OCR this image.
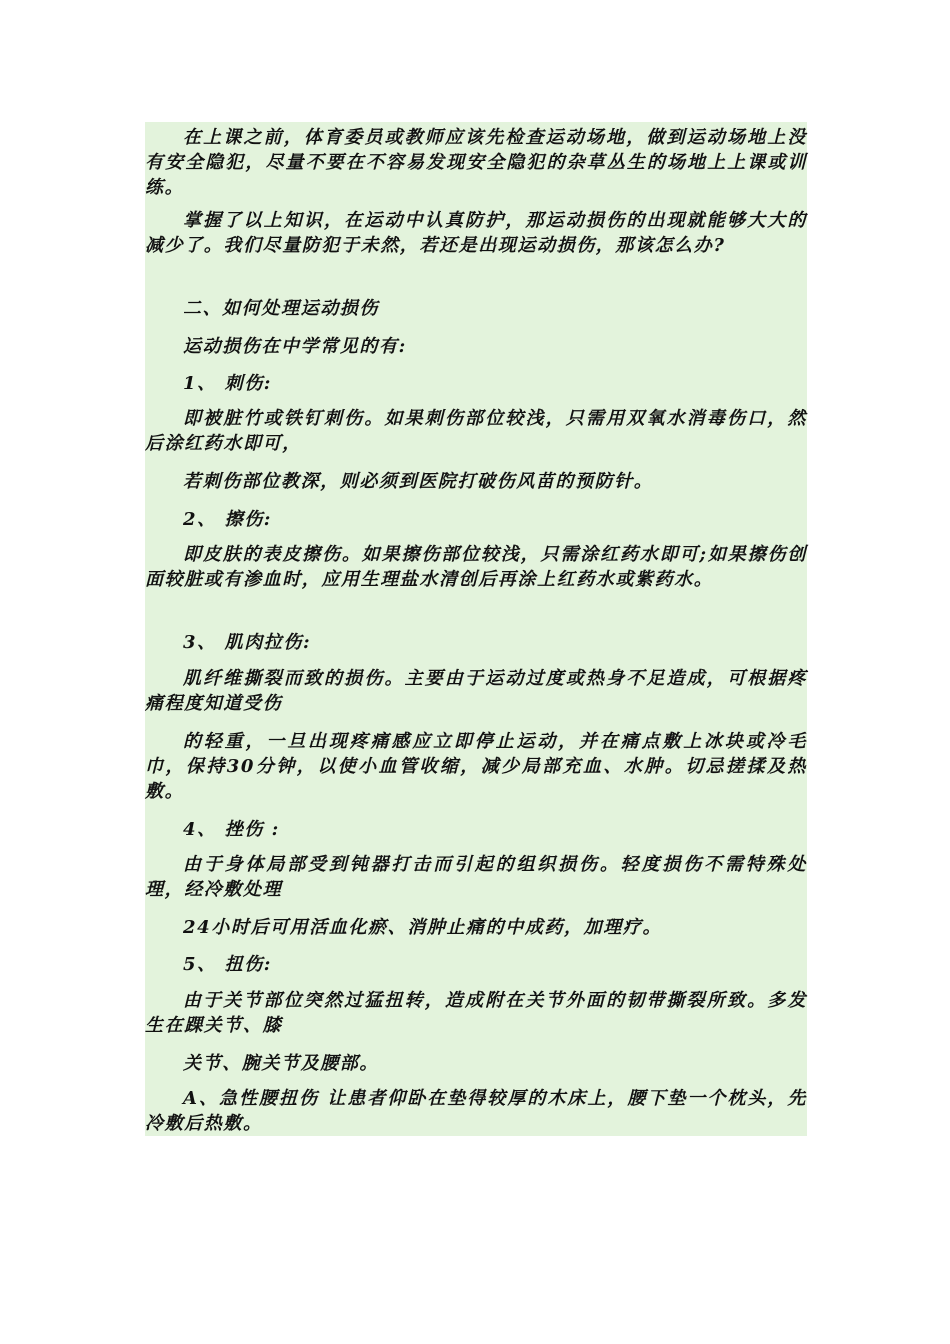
在上课之前，体育委员或教师应该先检查运动场地，做到运动场地上没有安全隐犯，尽量不要在不容易发现安全隐犯的杂草丛生的场地上上课或训练。

掌握了以上知识，在运动中认真防护，那运动损伤的出现就能够大大的减少了。我们尽量防犯于未然，若还是出现运动损伤，那该怎么办?

二、如何处理运动损伤

运动损伤在中学常见的有:

1、 刺伤:

即被脏竹或铁钉刺伤。如果刺伤部位较浅，只需用双氧水消毒伤口，然后涂红药水即可，

若刺伤部位教深，则必须到医院打破伤风苗的预防针。

2、 擦伤:

即皮肤的表皮擦伤。如果擦伤部位较浅，只需涂红药水即可;如果擦伤创面较脏或有渗血时，应用生理盐水清创后再涂上红药水或紫药水。

3、 肌肉拉伤:

肌纤维撕裂而致的损伤。主要由于运动过度或热身不足造成，可根据疼痛程度知道受伤

的轻重，一旦出现疼痛感应立即停止运动，并在痛点敷上冰块或冷毛巾，保持30分钟，以使小血管收缩，减少局部充血、水肿。切忌搓揉及热敷。

4、 挫伤 :

由于身体局部受到钝器打击而引起的组织损伤。轻度损伤不需特殊处理，经冷敷处理

24小时后可用活血化瘀、消肿止痛的中成药，加理疗。

5、 扭伤:

由于关节部位突然过猛扭转，造成附在关节外面的韧带撕裂所致。多发生在踝关节、膝

关节、腕关节及腰部。

A、急性腰扭伤 让患者仰卧在垫得较厚的木床上，腰下垫一个枕头，先冷敷后热敷。
